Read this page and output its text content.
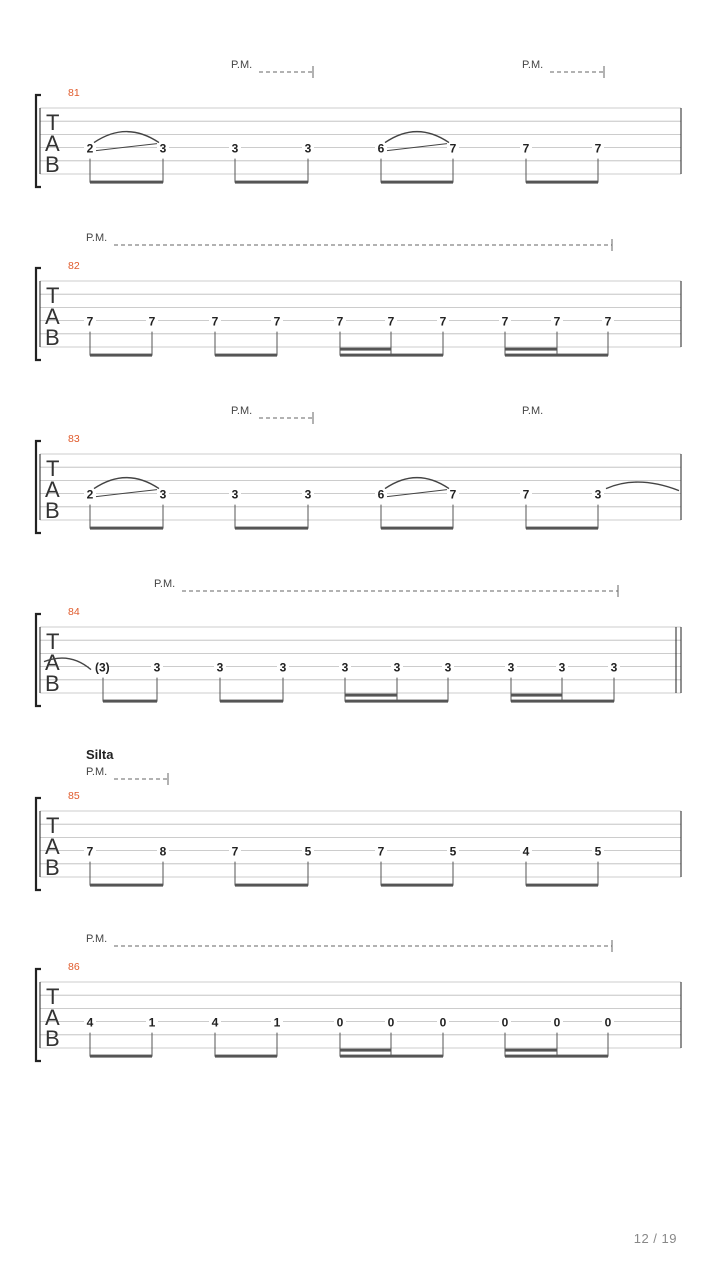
T
A
B
81
P.M.	P.M.
2	3	3	3	6	7	7	7
T
A
B
82
P.M.
7	7	7	7	7	7	7	7	7	7
T
A
B
83
P.M.	P.M.
2	3	3	3	6	7	7	3
T
A
B
84
P.M.
(3)	3	3	3	3	3	3	3	3	3
T
A
B
85
Silta
P.M.
7	8	7	5	7	5	4	5
T
A
B
86
P.M.
4	1	4	1	0	0	0	0	0	0
12 / 19
